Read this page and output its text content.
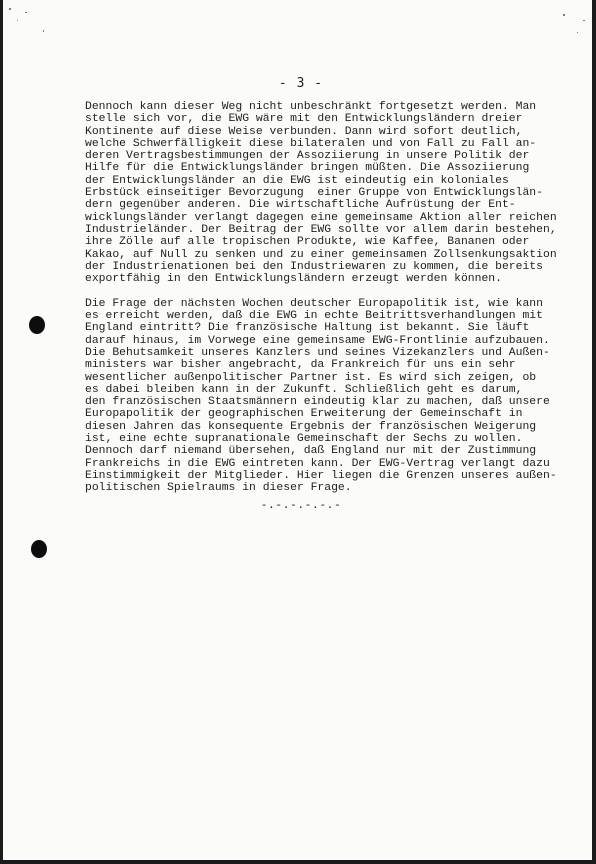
- 3 -

Dennoch kann dieser Weg nicht unbeschränkt fortgesetzt werden. Man
stelle sich vor, die EWG wäre mit den Entwicklungsländern dreier
Kontinente auf diese Weise verbunden. Dann wird sofort deutlich,
welche Schwerfälligkeit diese bilateralen und von Fall zu Fall an-
deren Vertragsbestimmungen der Assoziierung in unsere Politik der
Hilfe für die Entwicklungsländer bringen müßten. Die Assoziierung
der Entwicklungsländer an die EWG ist eindeutig ein koloniales
Erbstück einseitiger Bevorzugung  einer Gruppe von Entwicklungslän-
dern gegenüber anderen. Die wirtschaftliche Aufrüstung der Ent-
wicklungsländer verlangt dagegen eine gemeinsame Aktion aller reichen
Industrieländer. Der Beitrag der EWG sollte vor allem darin bestehen,
ihre Zölle auf alle tropischen Produkte, wie Kaffee, Bananen oder
Kakao, auf Null zu senken und zu einer gemeinsamen Zollsenkungsaktion
der Industrienationen bei den Industriewaren zu kommen, die bereits
exportfähig in den Entwicklungsländern erzeugt werden können.

Die Frage der nächsten Wochen deutscher Europapolitik ist, wie kann
es erreicht werden, daß die EWG in echte Beitrittsverhandlungen mit
England eintritt? Die französische Haltung ist bekannt. Sie läuft
darauf hinaus, im Vorwege eine gemeinsame EWG-Frontlinie aufzubauen.
Die Behutsamkeit unseres Kanzlers und seines Vizekanzlers und Außen-
ministers war bisher angebracht, da Frankreich für uns ein sehr
wesentlicher außenpolitischer Partner ist. Es wird sich zeigen, ob
es dabei bleiben kann in der Zukunft. Schließlich geht es darum,
den französischen Staatsmännern eindeutig klar zu machen, daß unsere
Europapolitik der geographischen Erweiterung der Gemeinschaft in
diesen Jahren das konsequente Ergebnis der französischen Weigerung
ist, eine echte supranationale Gemeinschaft der Sechs zu wollen.
Dennoch darf niemand übersehen, daß England nur mit der Zustimmung
Frankreichs in die EWG eintreten kann. Der EWG-Vertrag verlangt dazu
Einstimmigkeit der Mitglieder. Hier liegen die Grenzen unseres außen-
politischen Spielraums in dieser Frage.

-.-.-.-.-.-
